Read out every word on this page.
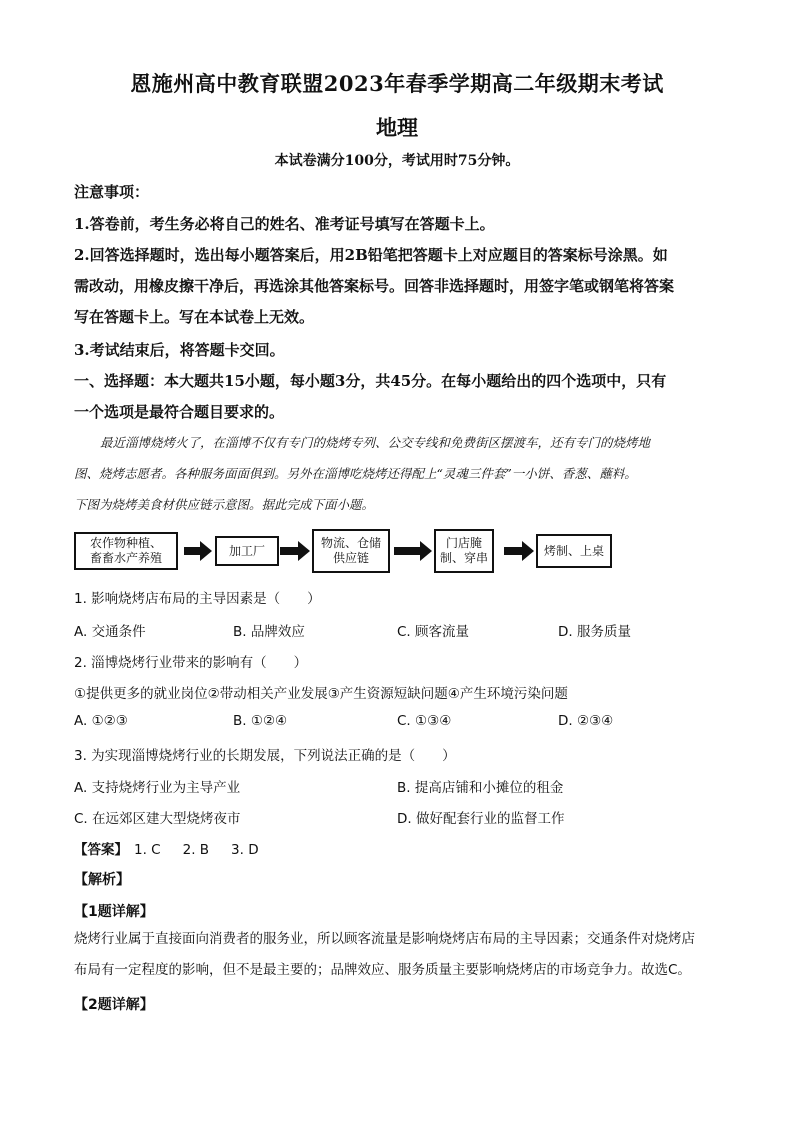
恩施州高中教育联盟2023年春季学期高二年级期末考试
地理
本试卷满分100分，考试用时75分钟。
注意事项：
1.答卷前，考生务必将自己的姓名、准考证号填写在答题卡上。
2.回答选择题时，选出每小题答案后，用2B铅笔把答题卡上对应题目的答案标号涂黑。如
需改动，用橡皮擦干净后，再选涂其他答案标号。回答非选择题时，用签字笔或钢笔将答案
写在答题卡上。写在本试卷上无效。
3.考试结束后，将答题卡交回。
一、选择题：本大题共15小题，每小题3分，共45分。在每小题给出的四个选项中，只有
一个选项是最符合题目要求的。

最近淄博烧烤火了，在淄博不仅有专门的烧烤专列、公交专线和免费街区摆渡车，还有专门的烧烤地

图、烧烤志愿者。各种服务面面俱到。另外在淄博吃烧烤还得配上“灵魂三件套”一小饼、香葱、蘸料。

下图为烧烤美食材供应链示意图。据此完成下面小题。

农作物种植、
畜畜水产养殖
加工厂
物流、仓储
供应链
门店腌
制、穿串
烤制、上桌
1. 影响烧烤店布局的主导因素是（　　）
A. 交通条件	B. 品牌效应	C. 顾客流量	D. 服务质量
2. 淄博烧烤行业带来的影响有（　　）
①提供更多的就业岗位②带动相关产业发展③产生资源短缺问题④产生环境污染问题
A. ①②③	B. ①②④	C. ①③④	D. ②③④
3. 为实现淄博烧烤行业的长期发展，下列说法正确的是（　　）
A. 支持烧烤行业为主导产业	B. 提高店铺和小摊位的租金
C. 在远郊区建大型烧烤夜市	D. 做好配套行业的监督工作
【答案】 1. C 2. B 3. D
【解析】
【1题详解】

烧烤行业属于直接面向消费者的服务业，所以顾客流量是影响烧烤店布局的主导因素；交通条件对烧烤店

布局有一定程度的影响，但不是最主要的；品牌效应、服务质量主要影响烧烤店的市场竞争力。故选C。

【2题详解】
